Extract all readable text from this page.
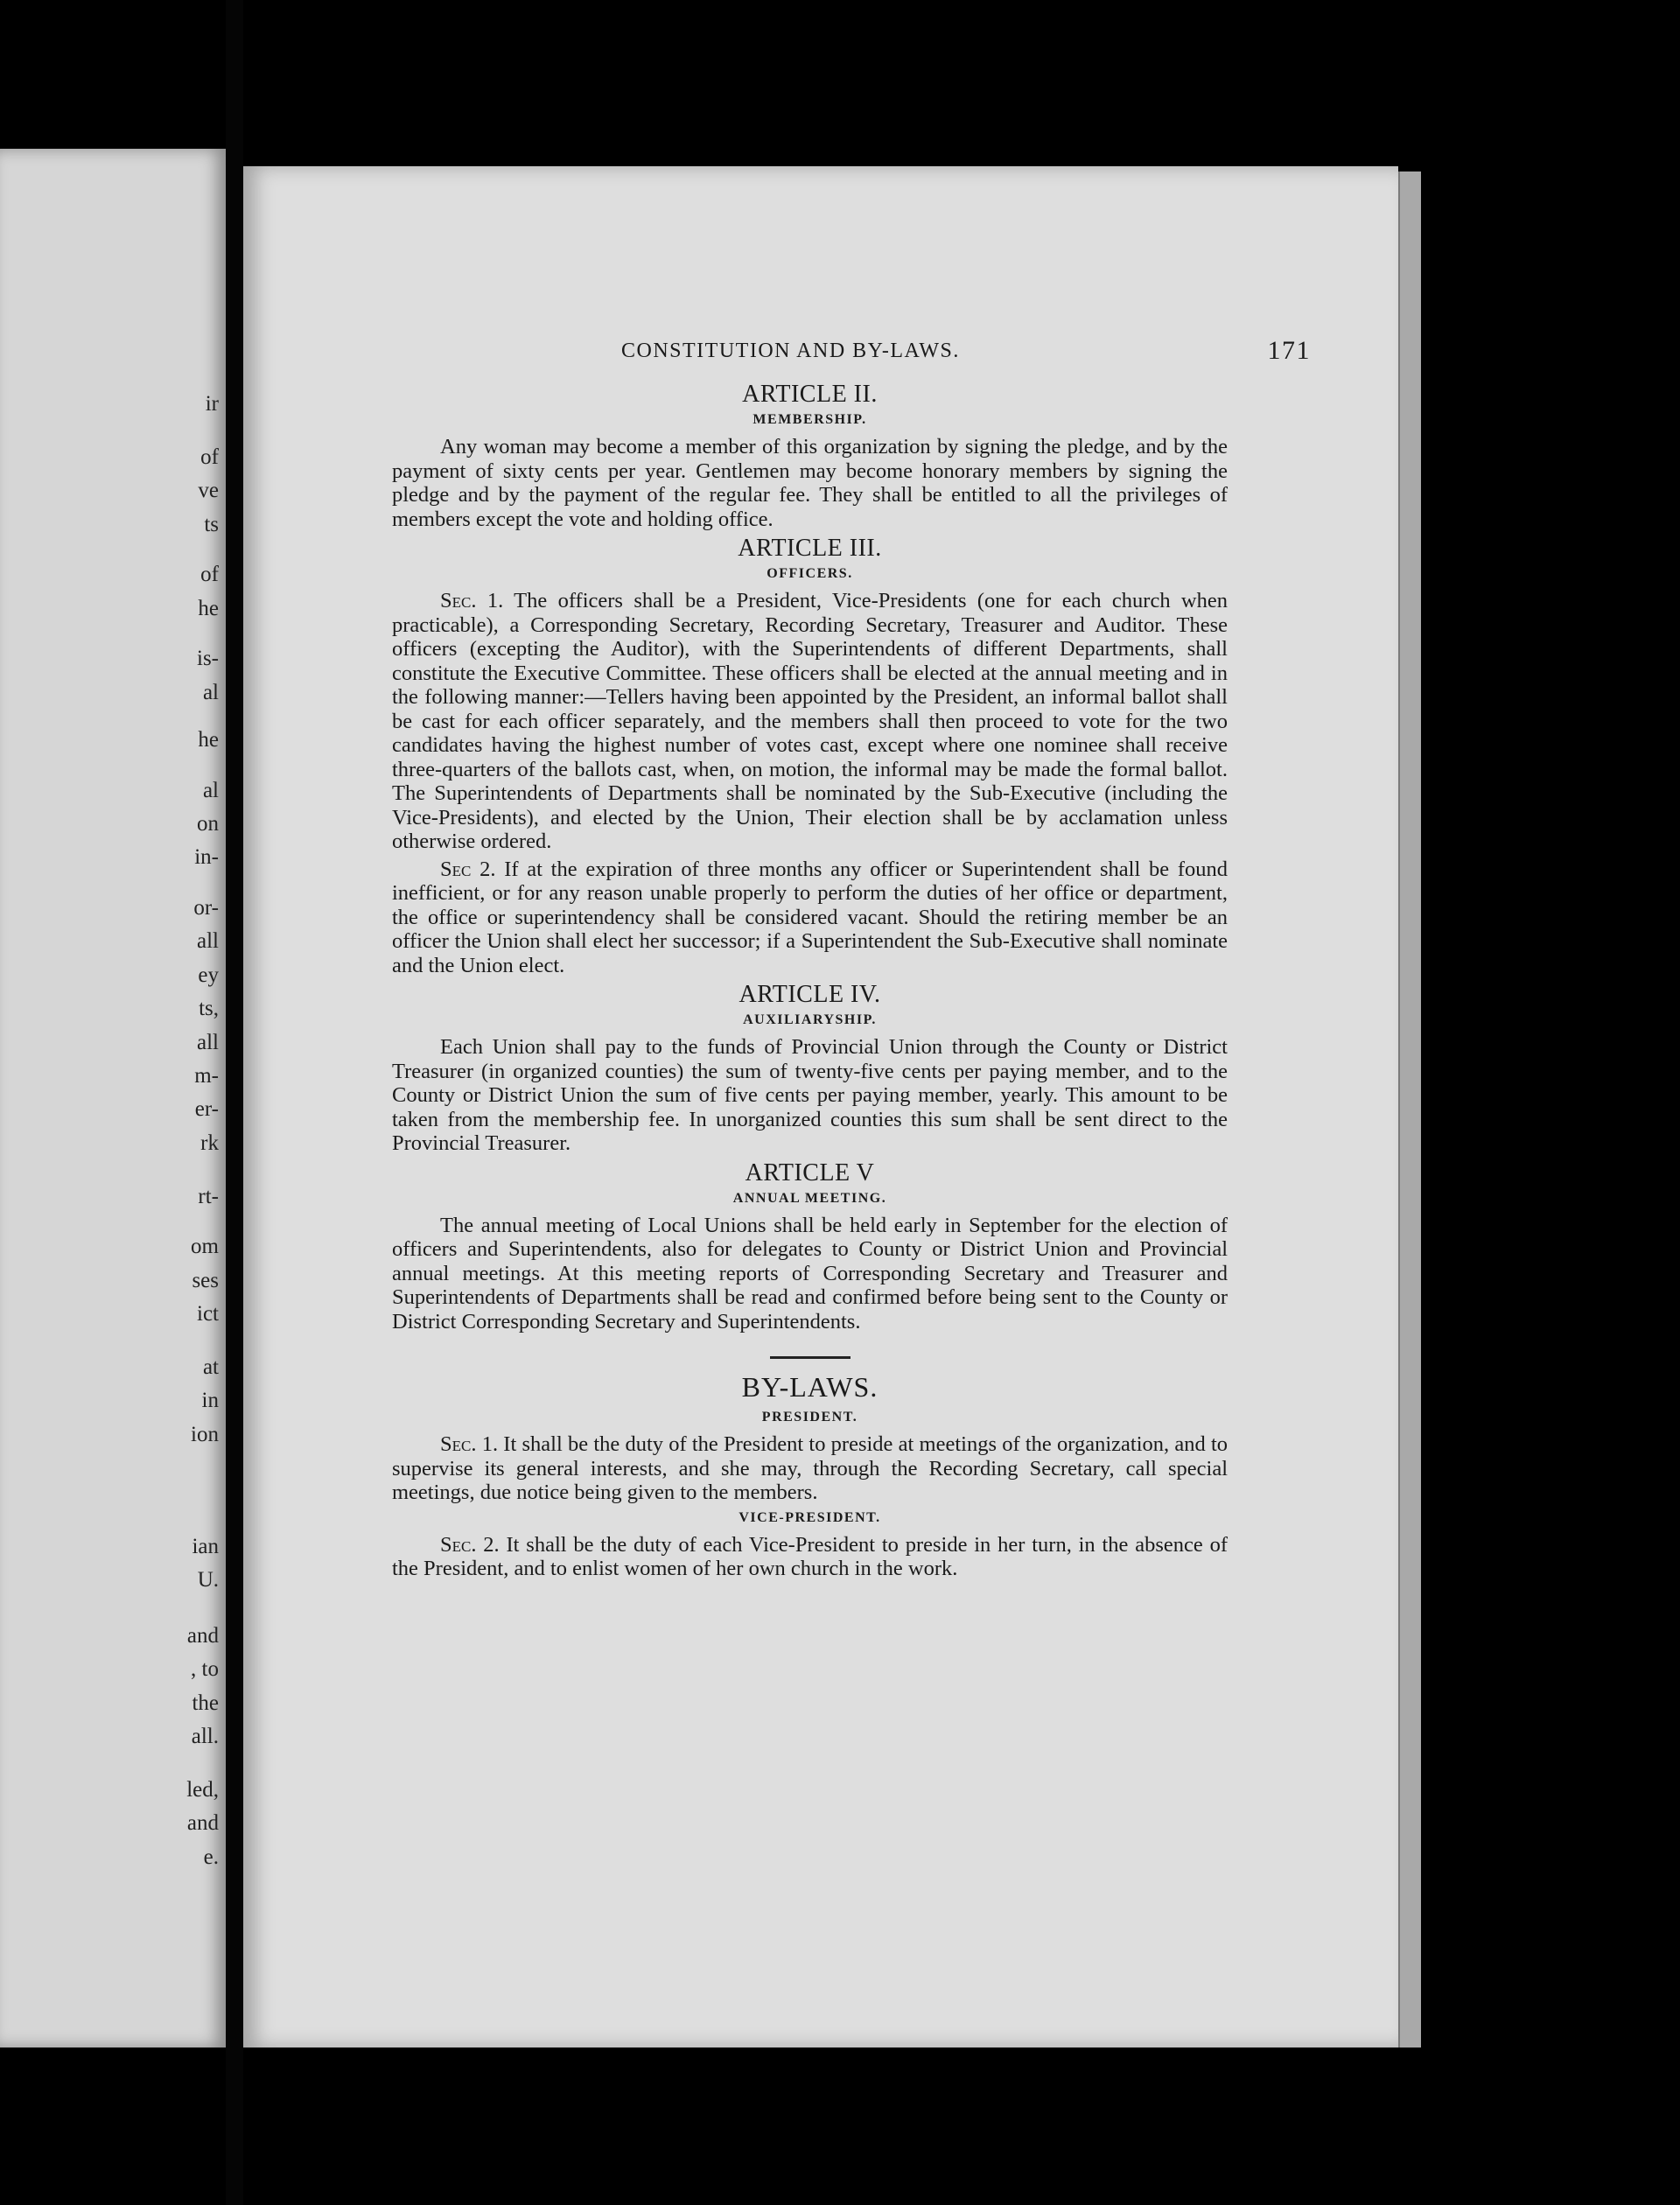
ir
of
ve
ts
of
he
is-
al
he
al
on
in-
or-
all
ey
ts,
all
m-
er-
rk
rt-
om
ses
ict
at
in
ion
ian
U.
and
, to
the
all.
led,
and
e.
CONSTITUTION AND BY-LAWS.	171
ARTICLE II.
MEMBERSHIP.

Any woman may become a member of this organization by signing the pledge, and by the payment of sixty cents per year. Gentlemen may become honorary members by signing the pledge and by the payment of the regular fee. They shall be entitled to all the privileges of members except the vote and holding office.

ARTICLE III.
OFFICERS.

Sec. 1. The officers shall be a President, Vice-Presidents (one for each church when practicable), a Corresponding Secretary, Recording Secretary, Treasurer and Auditor. These officers (excepting the Auditor), with the Superintendents of different Departments, shall constitute the Executive Committee. These officers shall be elected at the annual meeting and in the following manner:—Tellers having been appointed by the President, an informal ballot shall be cast for each officer separately, and the members shall then proceed to vote for the two candidates having the highest number of votes cast, except where one nominee shall receive three-quarters of the ballots cast, when, on motion, the informal may be made the formal ballot. The Superintendents of Departments shall be nominated by the Sub-Executive (including the Vice-Presidents), and elected by the Union, Their election shall be by acclamation unless otherwise ordered.

Sec 2. If at the expiration of three months any officer or Superintendent shall be found inefficient, or for any reason unable properly to perform the duties of her office or department, the office or superintendency shall be considered vacant. Should the retiring member be an officer the Union shall elect her successor; if a Superintendent the Sub-Executive shall nominate and the Union elect.

ARTICLE IV.
AUXILIARYSHIP.

Each Union shall pay to the funds of Provincial Union through the County or District Treasurer (in organized counties) the sum of twenty-five cents per paying member, and to the County or District Union the sum of five cents per paying member, yearly. This amount to be taken from the membership fee. In unorganized counties this sum shall be sent direct to the Provincial Treasurer.

ARTICLE V
ANNUAL MEETING.

The annual meeting of Local Unions shall be held early in September for the election of officers and Superintendents, also for delegates to County or District Union and Provincial annual meetings. At this meeting reports of Corresponding Secretary and Treasurer and Superintendents of Departments shall be read and confirmed before being sent to the County or District Corresponding Secretary and Superintendents.

BY-LAWS.
PRESIDENT.

Sec. 1. It shall be the duty of the President to preside at meetings of the organization, and to supervise its general interests, and she may, through the Recording Secretary, call special meetings, due notice being given to the members.

VICE-PRESIDENT.

Sec. 2. It shall be the duty of each Vice-President to preside in her turn, in the absence of the President, and to enlist women of her own church in the work.
